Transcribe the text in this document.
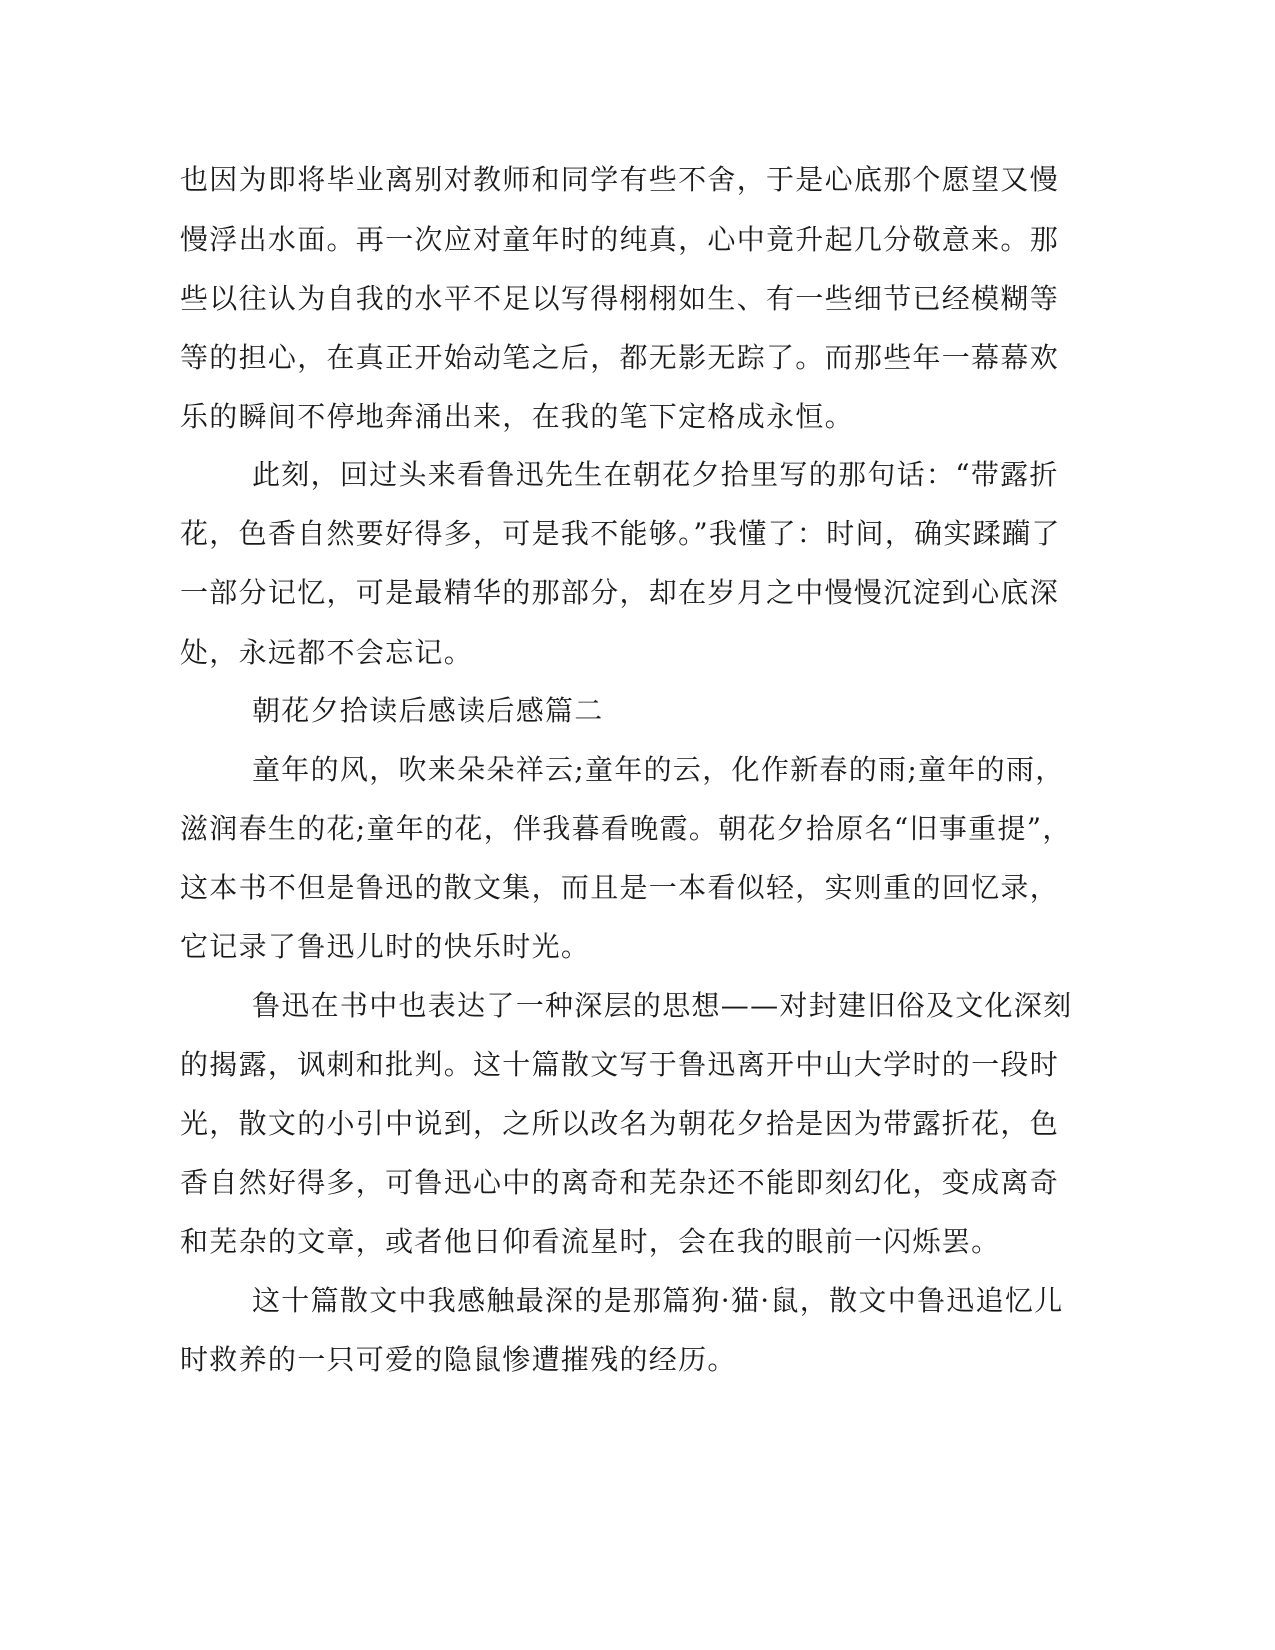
也因为即将毕业离别对教师和同学有些不舍，于是心底那个愿望又慢
慢浮出水面。再一次应对童年时的纯真，心中竟升起几分敬意来。那
些以往认为自我的水平不足以写得栩栩如生、有一些细节已经模糊等
等的担心，在真正开始动笔之后，都无影无踪了。而那些年一幕幕欢
乐的瞬间不停地奔涌出来，在我的笔下定格成永恒。
此刻，回过头来看鲁迅先生在朝花夕拾里写的那句话：“带露折
花，色香自然要好得多，可是我不能够。”我懂了：时间，确实蹂躏了
一部分记忆，可是最精华的那部分，却在岁月之中慢慢沉淀到心底深
处，永远都不会忘记。
朝花夕拾读后感读后感篇二
童年的风，吹来朵朵祥云;童年的云，化作新春的雨;童年的雨，
滋润春生的花;童年的花，伴我暮看晚霞。朝花夕拾原名“旧事重提”，
这本书不但是鲁迅的散文集，而且是一本看似轻，实则重的回忆录，
它记录了鲁迅儿时的快乐时光。
鲁迅在书中也表达了一种深层的思想——对封建旧俗及文化深刻
的揭露，讽刺和批判。这十篇散文写于鲁迅离开中山大学时的一段时
光，散文的小引中说到，之所以改名为朝花夕拾是因为带露折花，色
香自然好得多，可鲁迅心中的离奇和芜杂还不能即刻幻化，变成离奇
和芜杂的文章，或者他日仰看流星时，会在我的眼前一闪烁罢。
这十篇散文中我感触最深的是那篇狗·猫·鼠，散文中鲁迅追忆儿
时救养的一只可爱的隐鼠惨遭摧残的经历。
